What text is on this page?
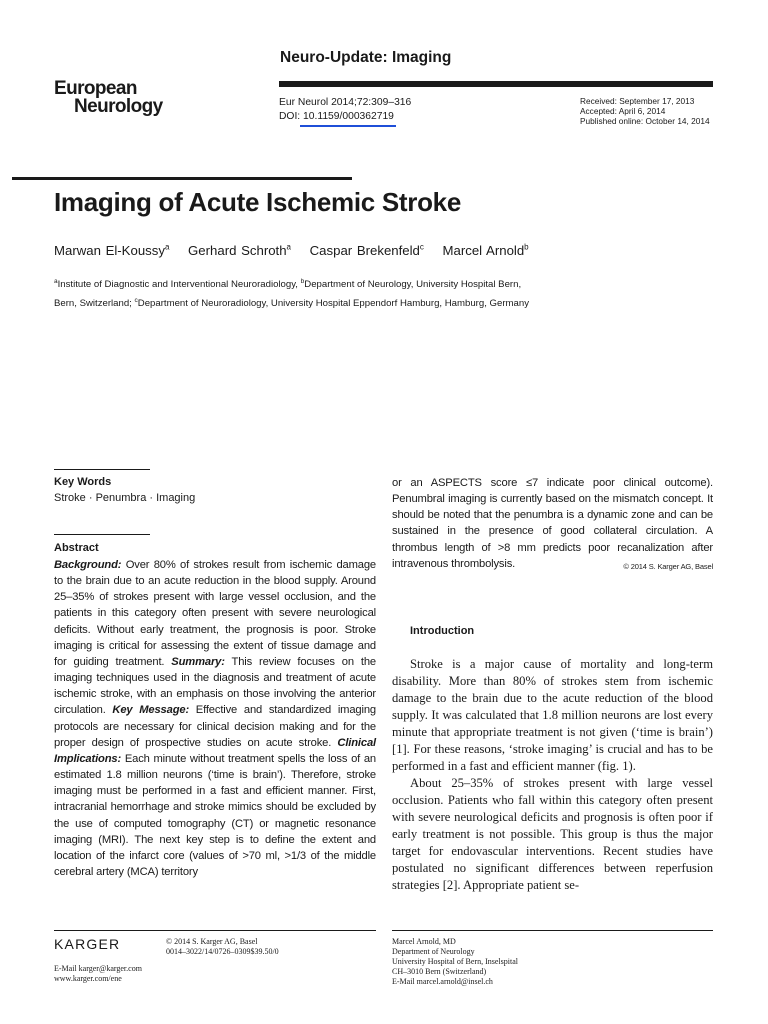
Neuro-Update: Imaging
European
Neurology	Eur Neurol 2014;72:309–316
DOI: 10.1159/000362719
Received: September 17, 2013
Accepted: April 6, 2014
Published online: October 14, 2014
Imaging of Acute Ischemic Stroke
Marwan El-Koussy$^a$ Gerhard Schroth$^a$ Caspar Brekenfeld$^c$ Marcel Arnold$^b$
$^a$Institute of Diagnostic and Interventional Neuroradiology, $^b$Department of Neurology, University Hospital Bern,
Bern, Switzerland; $^c$Department of Neuroradiology, University Hospital Eppendorf Hamburg, Hamburg, Germany
Key Words
Stroke · Penumbra · Imaging
Abstract
Background: Over 80% of strokes result from ischemic damage to the brain due to an acute reduction in the blood supply. Around 25–35% of strokes present with large vessel occlusion, and the patients in this category often present with severe neurological deficits. Without early treatment, the prognosis is poor. Stroke imaging is critical for assessing the extent of tissue damage and for guiding treatment. Summary: This review focuses on the imaging techniques used in the diagnosis and treatment of acute ischemic stroke, with an emphasis on those involving the anterior circulation. Key Message: Effective and standardized imaging protocols are necessary for clinical decision making and for the proper design of prospective studies on acute stroke. Clinical Implications: Each minute without treatment spells the loss of an estimated 1.8 million neurons (‘time is brain’). Therefore, stroke imaging must be performed in a fast and efficient manner. First, intracranial hemorrhage and stroke mimics should be excluded by the use of computed tomography (CT) or magnetic resonance imaging (MRI). The next key step is to define the extent and location of the infarct core (values of >70 ml, >1/3 of the middle cerebral artery (MCA) territory
or an ASPECTS score ≤7 indicate poor clinical outcome). Penumbral imaging is currently based on the mismatch concept. It should be noted that the penumbra is a dynamic zone and can be sustained in the presence of good collateral circulation. A thrombus length of >8 mm predicts poor recanalization after intravenous thrombolysis.	© 2014 S. Karger AG, Basel
Introduction

Stroke is a major cause of mortality and long-term disability. More than 80% of strokes stem from ischemic damage to the brain due to the acute reduction of the blood supply. It was calculated that 1.8 million neurons are lost every minute that appropriate treatment is not given (‘time is brain’) [1]. For these reasons, ‘stroke imaging’ is crucial and has to be performed in a fast and efficient manner (fig. 1).

About 25–35% of strokes present with large vessel occlusion. Patients who fall within this category often present with severe neurological deficits and prognosis is often poor if early treatment is not possible. This group is thus the major target for endovascular interventions. Recent studies have postulated no significant differences between reperfusion strategies [2]. Appropriate patient se-

KARGER	© 2014 S. Karger AG, Basel
0014–3022/14/0726–0309$39.50/0
E-Mail karger@karger.com
www.karger.com/ene
Marcel Arnold, MD
Department of Neurology
University Hospital of Bern, Inselspital
CH–3010 Bern (Switzerland)
E-Mail marcel.arnold@insel.ch
